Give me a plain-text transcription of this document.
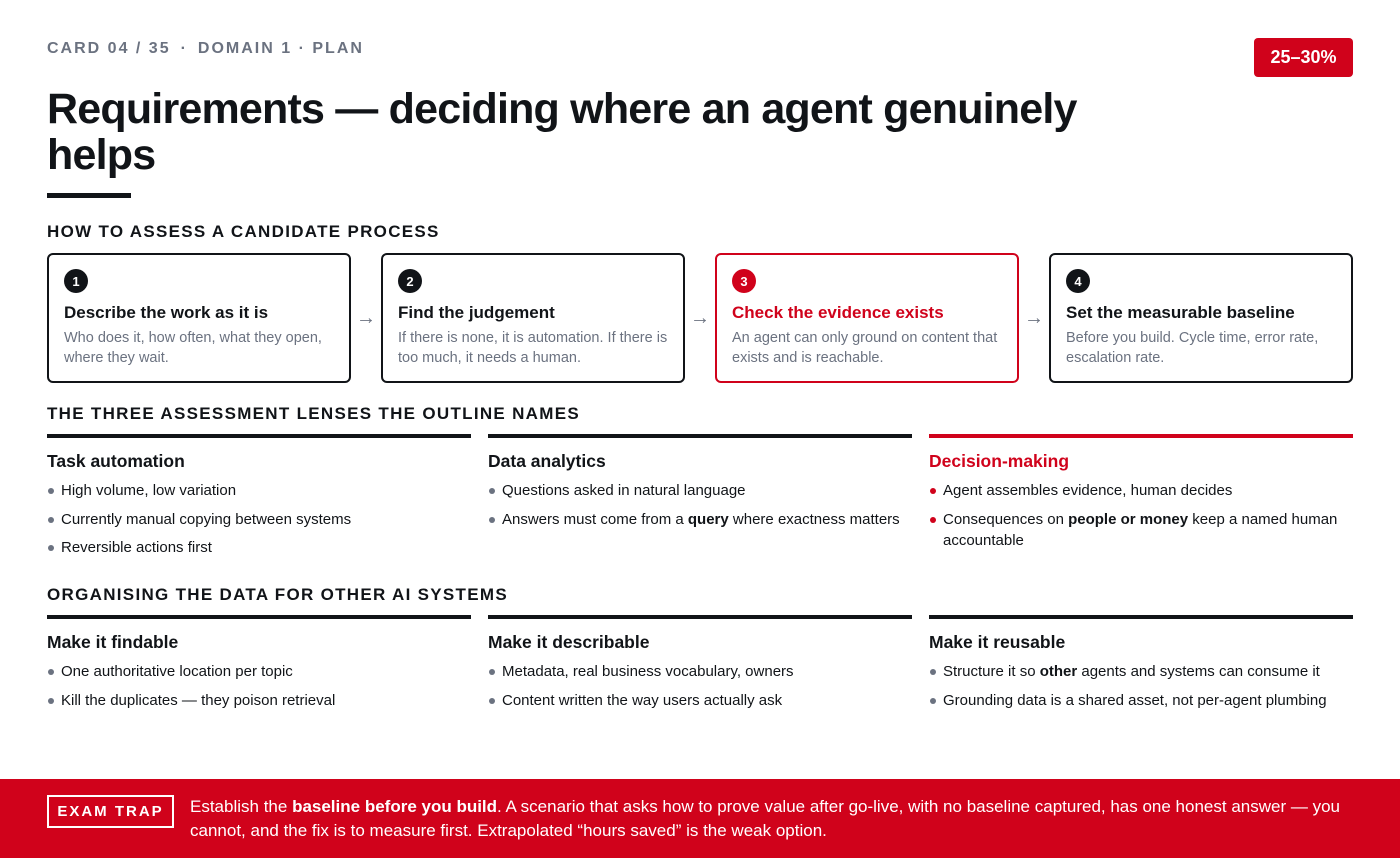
CARD 04 / 35 · DOMAIN 1 · PLAN	25–30%
Requirements — deciding where an agent genuinely helps
HOW TO ASSESS A CANDIDATE PROCESS
1
Describe the work as it is
Who does it, how often, what they open, where they wait.
→
2
Find the judgement
If there is none, it is automation. If there is too much, it needs a human.
→
3
Check the evidence exists
An agent can only ground on content that exists and is reachable.
→
4
Set the measurable baseline
Before you build. Cycle time, error rate, escalation rate.
THE THREE ASSESSMENT LENSES THE OUTLINE NAMES
Task automation
High volume, low variation
Currently manual copying between systems
Reversible actions first
Data analytics
Questions asked in natural language
Answers must come from a query where exactness matters
Decision-making
Agent assembles evidence, human decides
Consequences on people or money keep a named human accountable
ORGANISING THE DATA FOR OTHER AI SYSTEMS
Make it findable
One authoritative location per topic
Kill the duplicates — they poison retrieval
Make it describable
Metadata, real business vocabulary, owners
Content written the way users actually ask
Make it reusable
Structure it so other agents and systems can consume it
Grounding data is a shared asset, not per-agent plumbing
EXAM TRAP	Establish the baseline before you build. A scenario that asks how to prove value after go-live, with no baseline captured, has one honest answer — you cannot, and the fix is to measure first. Extrapolated “hours saved” is the weak option.
